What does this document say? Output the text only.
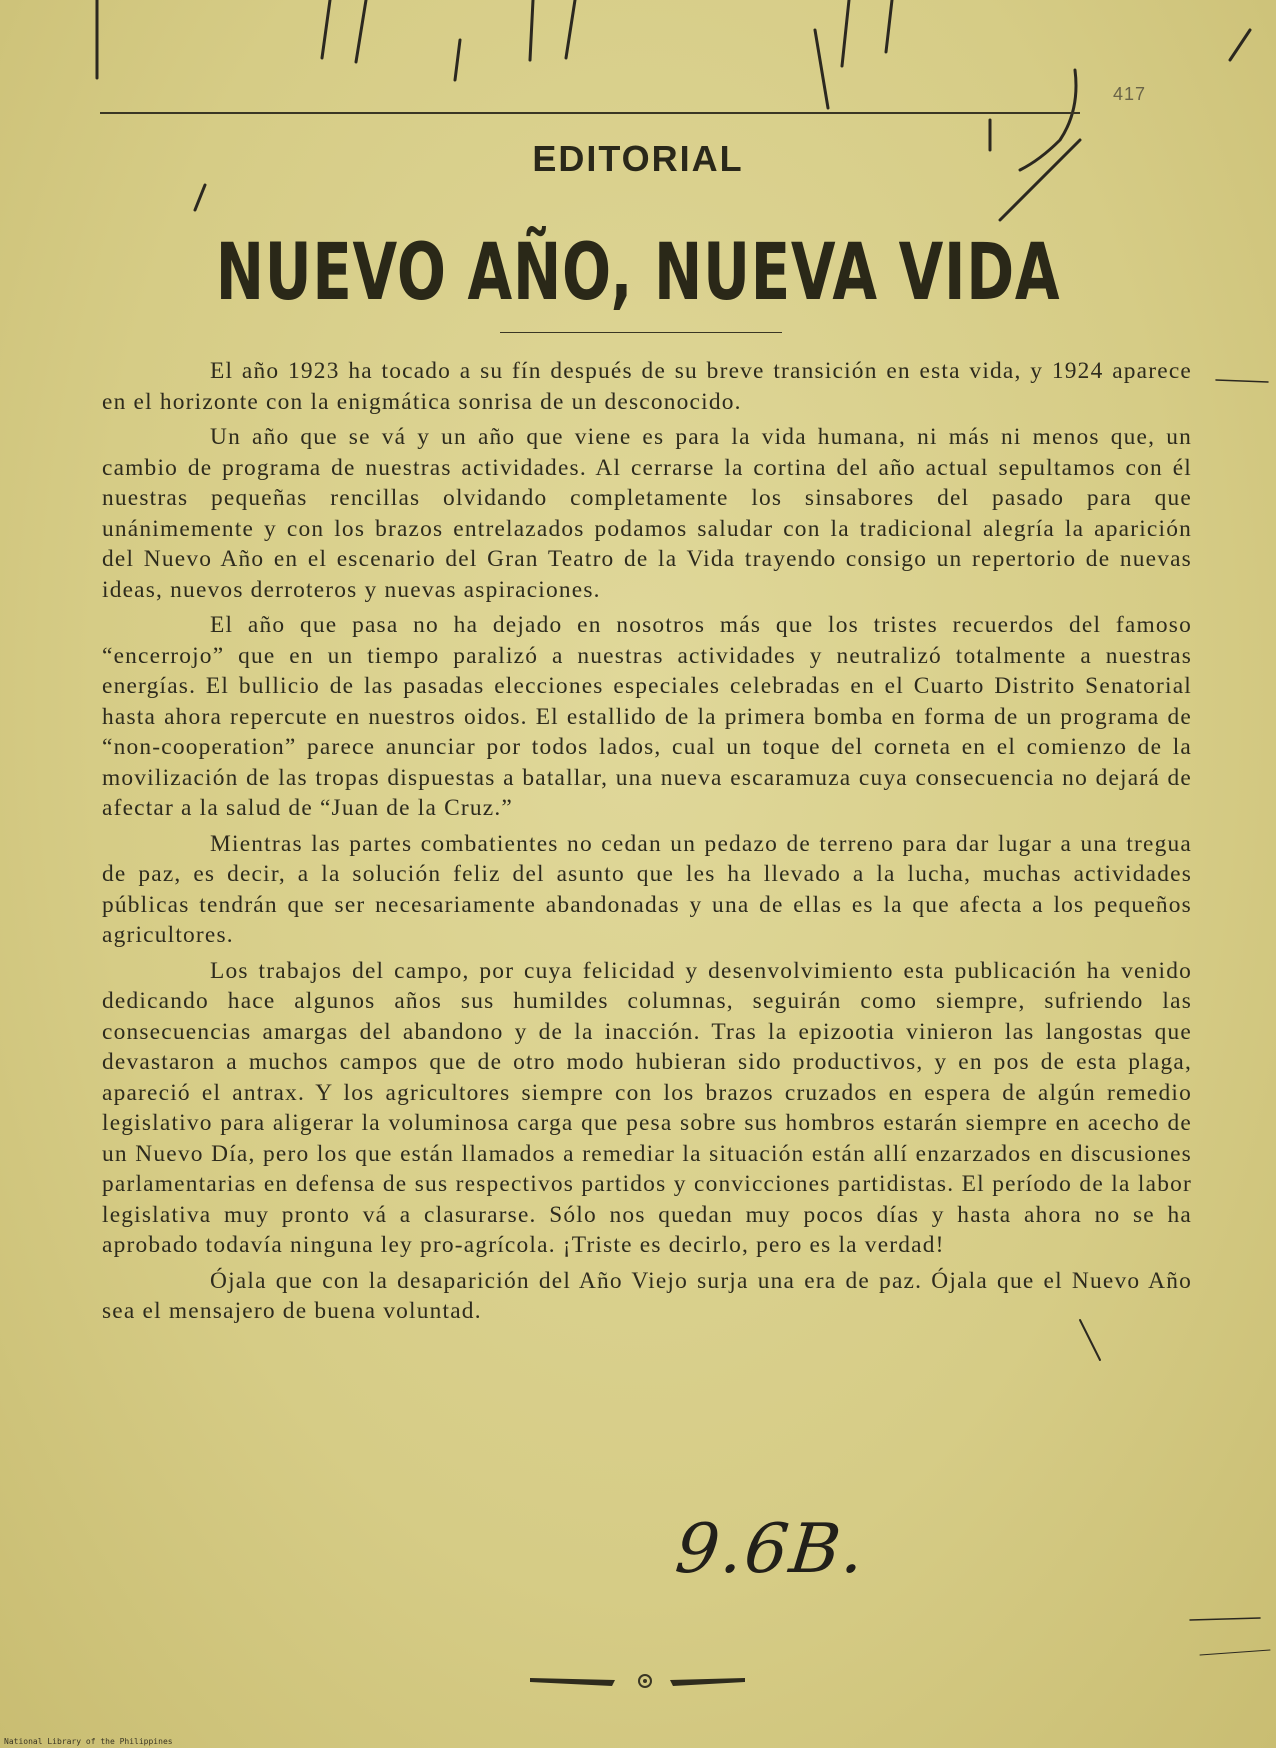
417
EDITORIAL
NUEVO AÑO, NUEVA VIDA

El año 1923 ha tocado a su fín después de su breve transición en esta vida, y 1924 aparece en el horizonte con la enigmática sonrisa de un desconocido.

Un año que se vá y un año que viene es para la vida humana, ni más ni menos que, un cambio de programa de nuestras actividades. Al cerrarse la cortina del año actual sepultamos con él nuestras pequeñas rencillas olvidando completamente los sinsabores del pasado para que unánimemente y con los brazos entrelazados podamos saludar con la tradicional alegría la aparición del Nuevo Año en el escenario del Gran Teatro de la Vida trayendo consigo un repertorio de nuevas ideas, nuevos derroteros y nuevas aspiraciones.

El año que pasa no ha dejado en nosotros más que los tristes recuerdos del famoso “encerrojo” que en un tiempo paralizó a nuestras actividades y neutralizó totalmente a nuestras energías. El bullicio de las pasadas elecciones especiales celebradas en el Cuarto Distrito Senatorial hasta ahora repercute en nuestros oidos. El estallido de la primera bomba en forma de un programa de “non-cooperation” parece anunciar por todos lados, cual un toque del corneta en el comienzo de la movilización de las tropas dispuestas a batallar, una nueva escaramuza cuya consecuencia no dejará de afectar a la salud de “Juan de la Cruz.”

Mientras las partes combatientes no cedan un pedazo de terreno para dar lugar a una tregua de paz, es decir, a la solución feliz del asunto que les ha llevado a la lucha, muchas actividades públicas tendrán que ser necesariamente abandonadas y una de ellas es la que afecta a los pequeños agricultores.

Los trabajos del campo, por cuya felicidad y desenvolvimiento esta publicación ha venido dedicando hace algunos años sus humildes columnas, seguirán como siempre, sufriendo las consecuencias amargas del abandono y de la inacción. Tras la epizootia vinieron las langostas que devastaron a muchos campos que de otro modo hubieran sido productivos, y en pos de esta plaga, apareció el antrax. Y los agricultores siempre con los brazos cruzados en espera de algún remedio legislativo para aligerar la voluminosa carga que pesa sobre sus hombros estarán siempre en acecho de un Nuevo Día, pero los que están llamados a remediar la situación están allí enzarzados en discusiones parlamentarias en defensa de sus respectivos partidos y convicciones partidistas. El período de la labor legislativa muy pronto vá a clasurarse. Sólo nos quedan muy pocos días y hasta ahora no se ha aprobado todavía ninguna ley pro-agrícola. ¡Triste es decirlo, pero es la verdad!

Ójala que con la desaparición del Año Viejo surja una era de paz. Ójala que el Nuevo Año sea el mensajero de buena voluntad.

9.6B.
National Library of the Philippines
